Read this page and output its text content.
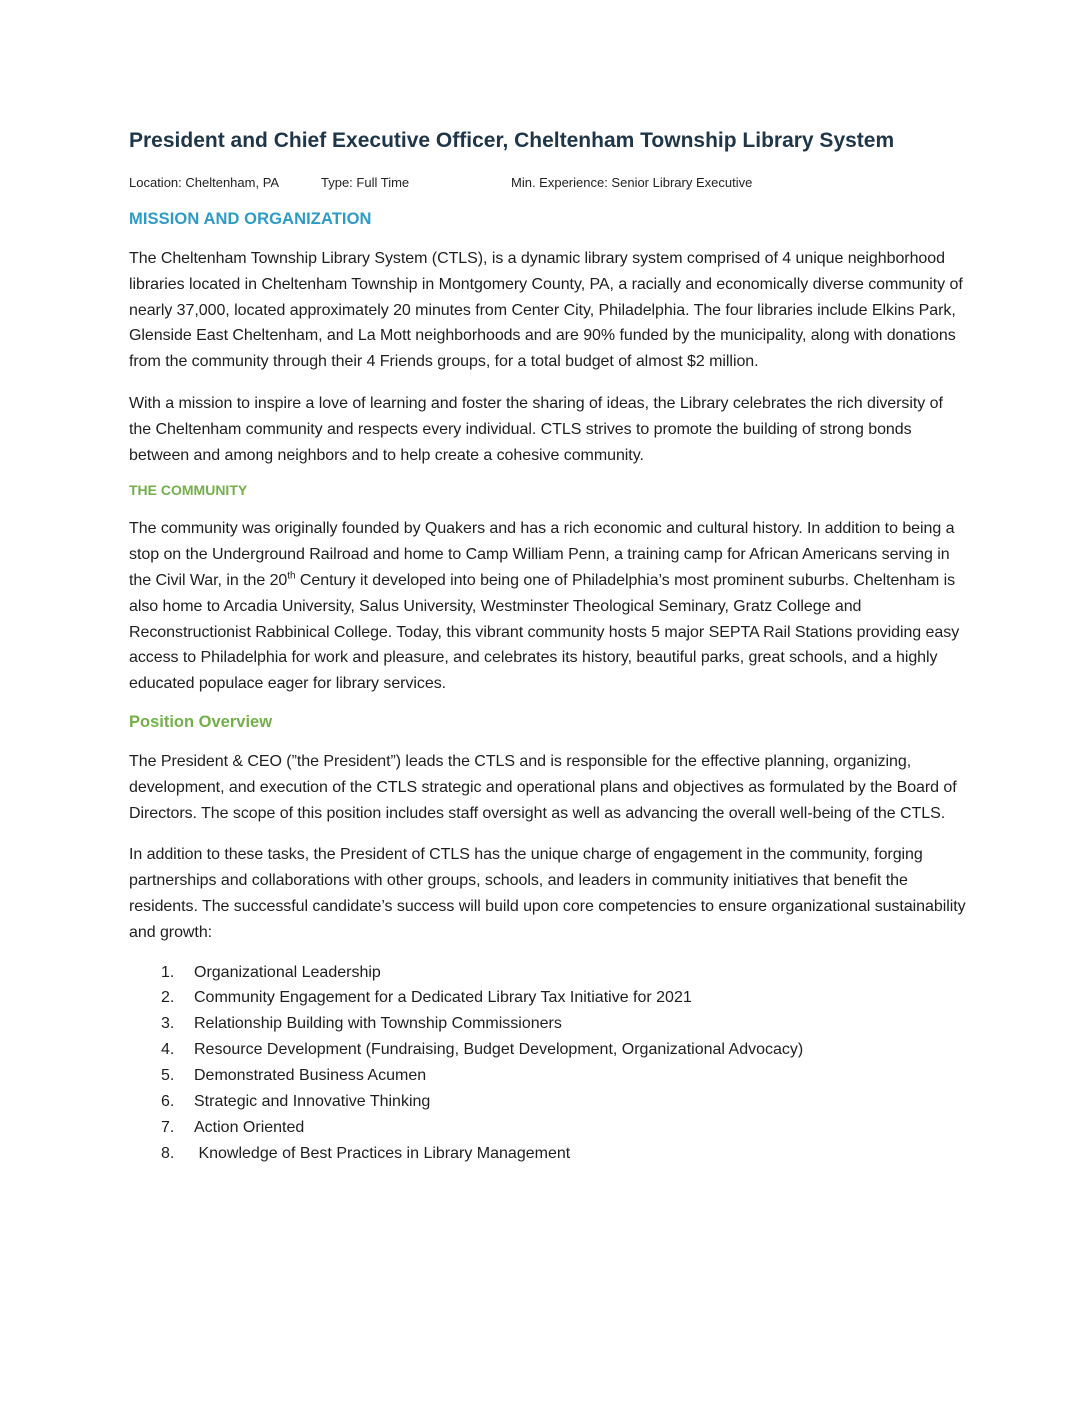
President and Chief Executive Officer, Cheltenham Township Library System
Location: Cheltenham, PA	Type: Full Time	Min. Experience: Senior Library Executive
MISSION AND ORGANIZATION

The Cheltenham Township Library System (CTLS), is a dynamic library system comprised of 4 unique neighborhood libraries located in Cheltenham Township in Montgomery County, PA, a racially and economically diverse community of nearly 37,000, located approximately 20 minutes from Center City, Philadelphia. The four libraries include Elkins Park, Glenside East Cheltenham, and La Mott neighborhoods and are 90% funded by the municipality, along with donations from the community through their 4 Friends groups, for a total budget of almost $2 million.

With a mission to inspire a love of learning and foster the sharing of ideas, the Library celebrates the rich diversity of the Cheltenham community and respects every individual. CTLS strives to promote the building of strong bonds between and among neighbors and to help create a cohesive community.

THE COMMUNITY

The community was originally founded by Quakers and has a rich economic and cultural history. In addition to being a stop on the Underground Railroad and home to Camp William Penn, a training camp for African Americans serving in the Civil War, in the 20th Century it developed into being one of Philadelphia’s most prominent suburbs. Cheltenham is also home to Arcadia University, Salus University, Westminster Theological Seminary, Gratz College and Reconstructionist Rabbinical College. Today, this vibrant community hosts 5 major SEPTA Rail Stations providing easy access to Philadelphia for work and pleasure, and celebrates its history, beautiful parks, great schools, and a highly educated populace eager for library services.

Position Overview

The President & CEO (”the President”) leads the CTLS and is responsible for the effective planning, organizing, development, and execution of the CTLS strategic and operational plans and objectives as formulated by the Board of Directors. The scope of this position includes staff oversight as well as advancing the overall well-being of the CTLS.

In addition to these tasks, the President of CTLS has the unique charge of engagement in the community, forging partnerships and collaborations with other groups, schools, and leaders in community initiatives that benefit the residents. The successful candidate’s success will build upon core competencies to ensure organizational sustainability and growth:

1.	Organizational Leadership
2.	Community Engagement for a Dedicated Library Tax Initiative for 2021
3.	Relationship Building with Township Commissioners
4.	Resource Development (Fundraising, Budget Development, Organizational Advocacy)
5.	Demonstrated Business Acumen
6.	Strategic and Innovative Thinking
7.	Action Oriented
8.	Knowledge of Best Practices in Library Management
